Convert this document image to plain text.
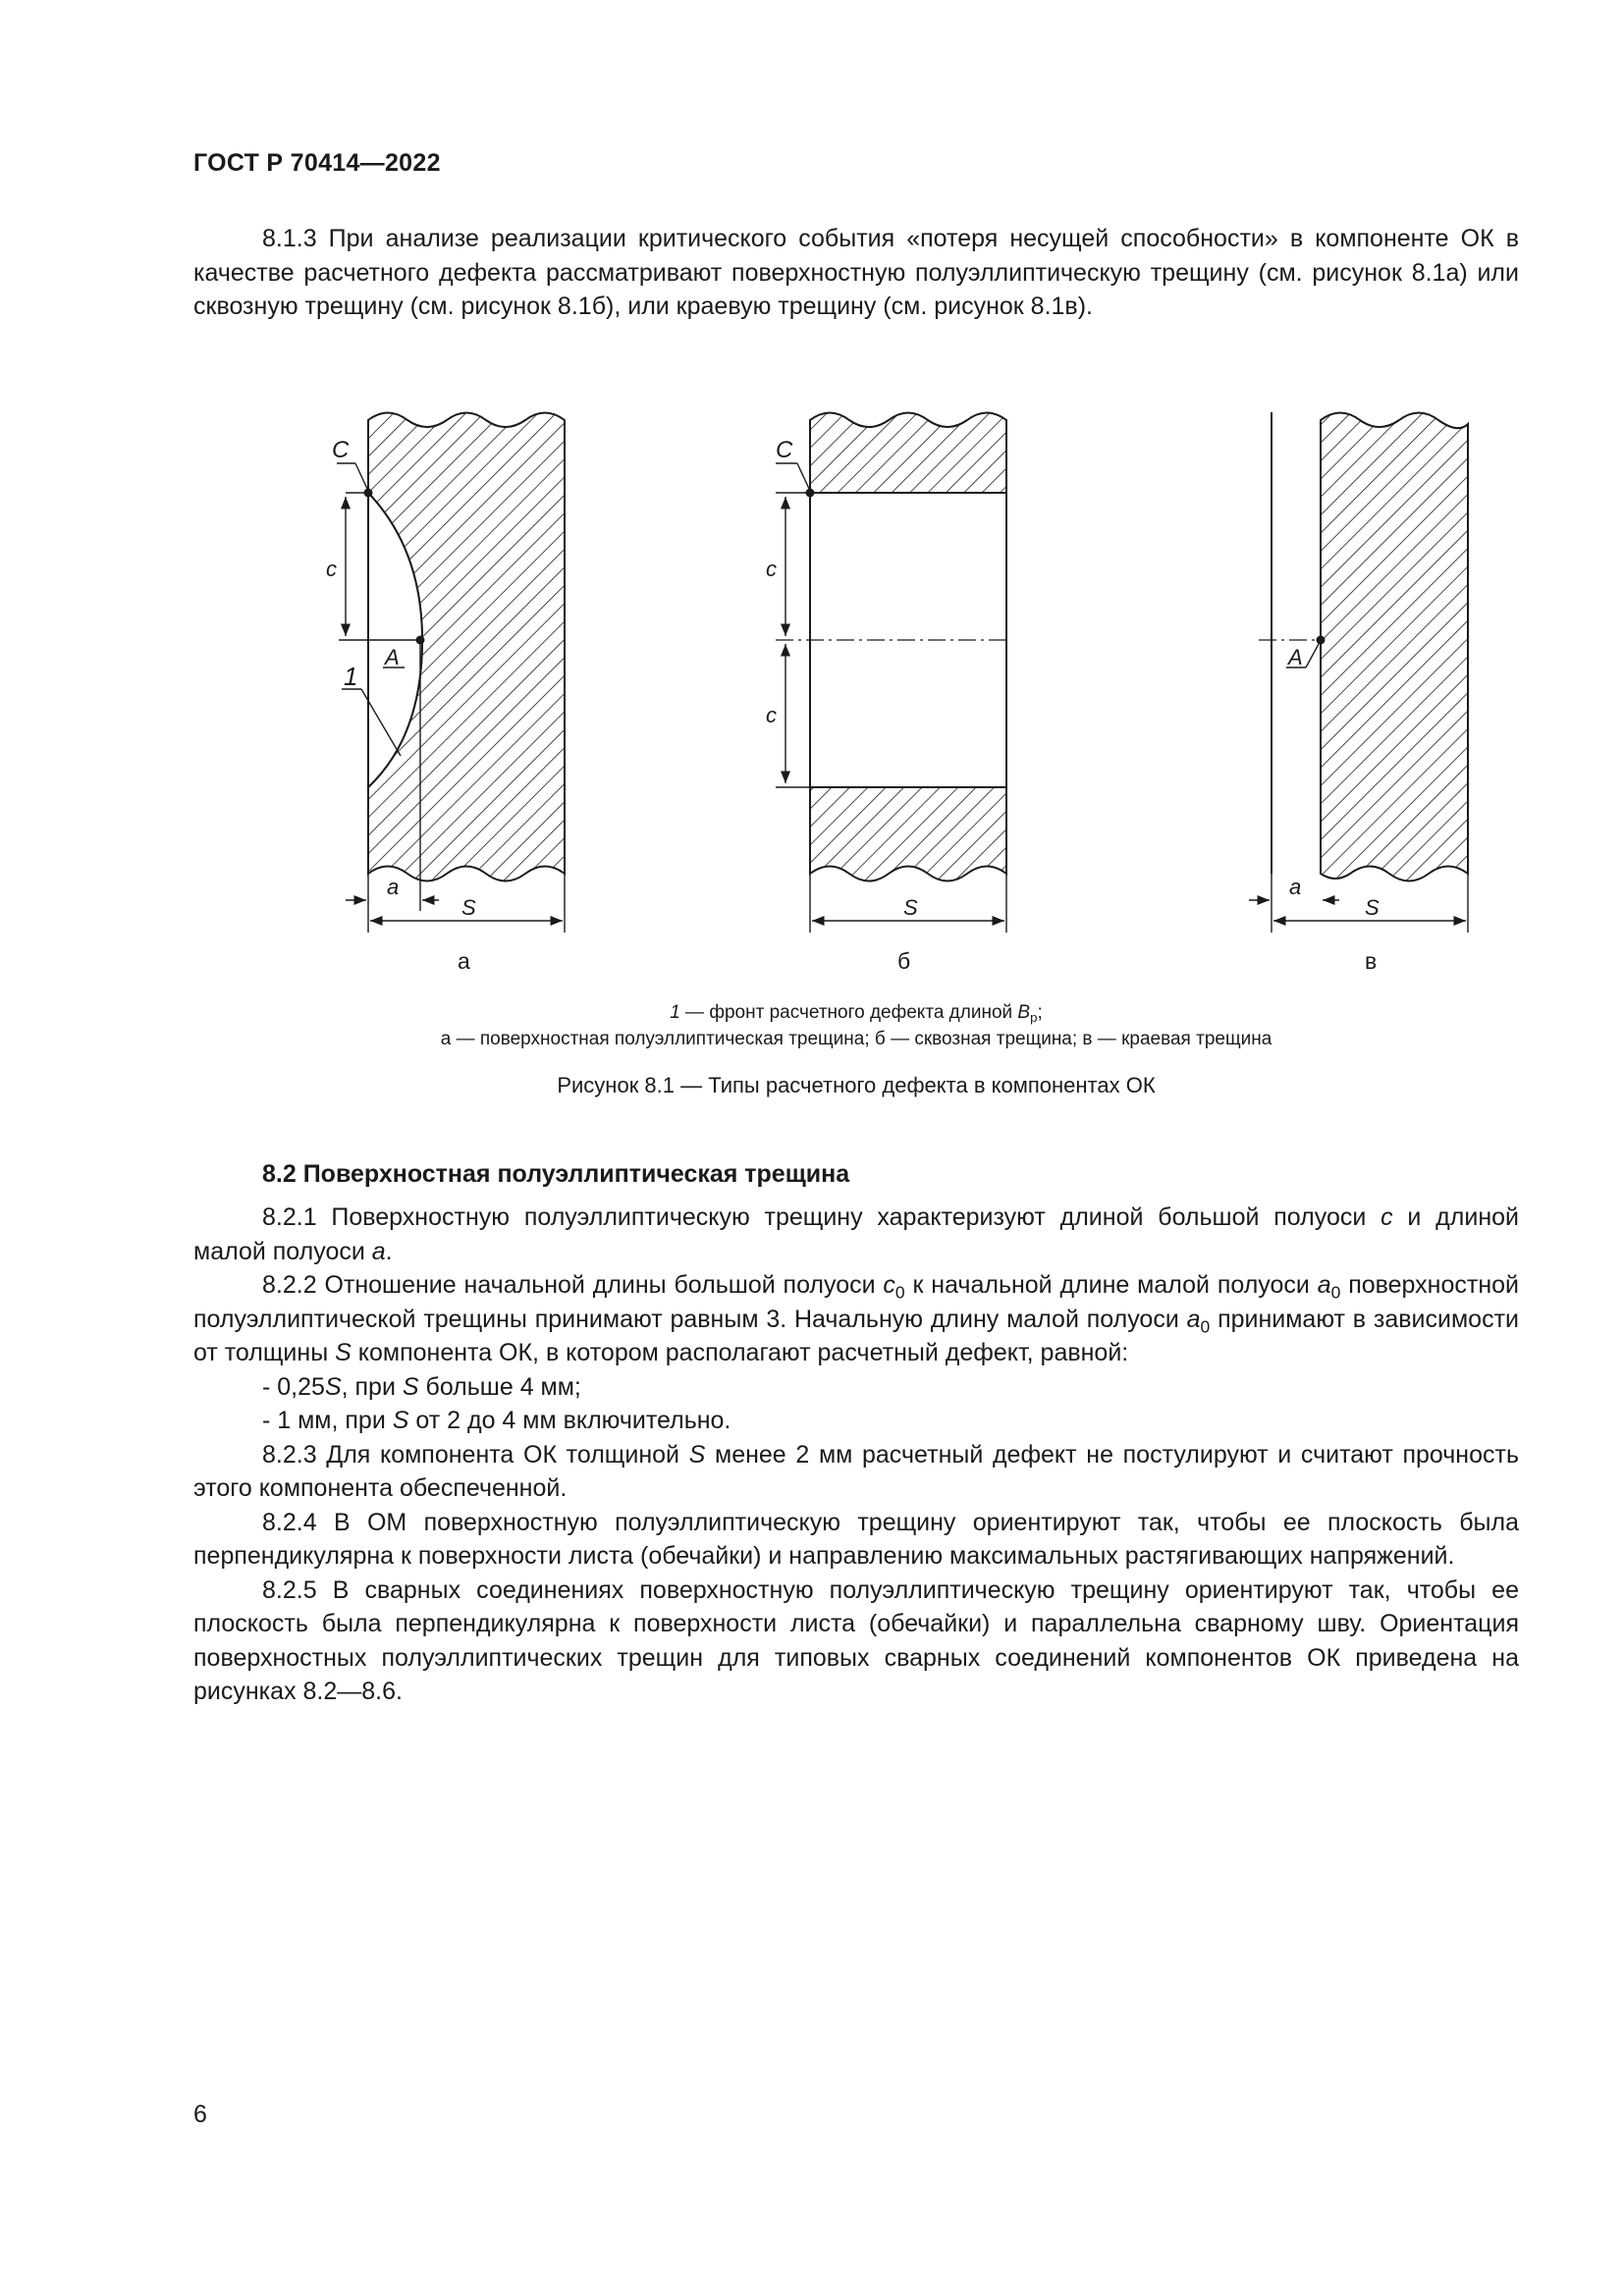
ГОСТ Р 70414—2022
8.1.3 При анализе реализации критического события «потеря несущей способности» в компоненте ОК в качестве расчетного дефекта рассматривают поверхностную полуэллиптическую трещину (см. рисунок 8.1а) или сквозную трещину (см. рисунок 8.1б), или краевую трещину (см. рисунок 8.1в).
C
c
A
1
a
S
а
C
c
c
S
б
A
a
S
в
1 — фронт расчетного дефекта длиной $B_р$;
а — поверхностная полуэллиптическая трещина; б — сквозная трещина; в — краевая трещина
Рисунок 8.1 — Типы расчетного дефекта в компонентах ОК
8.2 Поверхностная полуэллиптическая трещина

8.2.1 Поверхностную полуэллиптическую трещину характеризуют длиной большой полуоси c и длиной малой полуоси a.

8.2.2 Отношение начальной длины большой полуоси $c_0$ к начальной длине малой полуоси $a_0$ поверхностной полуэллиптической трещины принимают равным 3. Начальную длину малой полуоси $a_0$ принимают в зависимости от толщины S компонента ОК, в котором располагают расчетный дефект, равной:

- 0,25S, при S больше 4 мм;

- 1 мм, при S от 2 до 4 мм включительно.

8.2.3 Для компонента ОК толщиной S менее 2 мм расчетный дефект не постулируют и считают прочность этого компонента обеспеченной.

8.2.4 В ОМ поверхностную полуэллиптическую трещину ориентируют так, чтобы ее плоскость была перпендикулярна к поверхности листа (обечайки) и направлению максимальных растягивающих напряжений.

8.2.5 В сварных соединениях поверхностную полуэллиптическую трещину ориентируют так, чтобы ее плоскость была перпендикулярна к поверхности листа (обечайки) и параллельна сварному шву. Ориентация поверхностных полуэллиптических трещин для типовых сварных соединений компонентов ОК приведена на рисунках 8.2—8.6.

6
